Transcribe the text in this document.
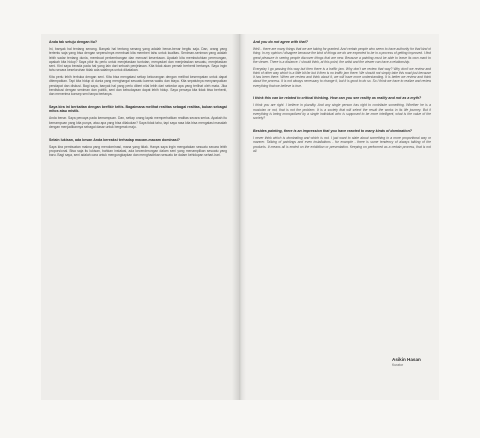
Anda tak setuju dengan itu?
Ini, banyak hal tentang senang. Banyak hal tentang senang yang adalah benar-benar begitu saja. Dan, orang yang tertentu saja yang bisa dengan sepenuhnya membuat kita memberi tahu untuk kualitas. Seniman-seniman yang adalah lebih sadar tentang dunia, membuat perkembangan dan mencari keseriusan. Apakah kita membutuhkan perenungan, apakah kita hidup? Saya pikir itu perlu untuk menjelaskan tuntutan, menyadari dan menjelaskan sesuatu, menjelaskan seni. Kini saya berada pada hal yang lain dari sebuah penjelasan. Kita tidak akan pernah berhenti bertanya. Saya ingin tahu secara keseluruhan tidak ada salahnya untuk dikatakan.
Kita perlu lebih terbuka dengan seni. Kita bisa mengatasi setiap kekurangan dengan melihat kesempatan untuk dapat ditempatkan. Tapi kita hidup di dunia yang menghargai sesuatu karena waktu dan biaya. Kita sepatutnya menyampaikan pendapat dan diskusi. Bagi saya, banyak hal yang perlu diberi nilai lebih dari sekedar apa yang terlihat oleh mata. Jika berdiskusi dengan seniman dan publik, seni dan kebudayaan dapat lebih hidup. Saya percaya kita tidak bisa berhenti, dan menerima konsep seni tanpa bertanya.
Saya kira ini berkaitan dengan berfikir kritis. Bagaimana melihat realitas sebagai realitas, bukan sebagai mitos atau mistik.
Anda benar. Saya percaya pada kemampuan. Dan, setiap orang layak memperhatikan realitas secara serius. Apakah itu kemampuan yang kita punya, atau apa yang bisa dilakukan? Saya tidak tahu, tapi saya rasa kita bisa mengatasi masalah dengan menjadikannya sebagai dasar untuk bergerak maju.
Selain lukisan, ada kesan Anda bereaksi terhadap macam-macam dominasi?
Saya kira pembuatan makna yang mendominasi, mana yang tidak. Hanya saya ingin mengatakan sesuatu secara lebih proporsional. Bisa saja itu lukisan, bahkan instalasi, ada kecenderungan dalam seni yang menampilkan sesuatu yang baru. Bagi saya, seni adalah cara untuk mengungkapkan dan menghadirkan sesuatu ke dalam kehidupan sehari-hari.
And you do not agree with that?
Well... there are many things that we are taking for granted. And certain people who seem to have authority for that kind of thing. In my opinion I disagree because the kind of things we do are expected to be in a process of getting improved. I find great pleasure in seeing people discover things that are new. Because a painting must be able to leave its own mark to the viewer. There is a distance. I should think, at this point, the artist and the viewer can have a relationship.
Everyday I go passing this way but then there is a traffic jam. Why don't we review that way? Why don't we review and think of other way which is a little bit far but it then is no traffic jam there. We should not simply take this road just because it has been there. When we review and think about it, we will have more understanding. It is better we review and think about the process. It is not always necessary to change it, but it is good to do so. So I think we have to realize and review everything that we believe is true.
I think this can be related to critical thinking. How can you see reality as reality and not as a myth?
I think you are right. I believe in plurality. And any single person has right to contribute something. Whether he is a musician or not, that is not the problem. It is a society that will select the result the works in its life journey. But if everything is being monopolized by a single individual who is supposed to be more intelligent, what is the value of the society?
Besides painting, there is an impression that you have reacted to many kinds of domination?
I never think which is dominating and which is not. I just want to state about something in a more proportional way or manner. Talking of paintings and even installations - for example - there is some tendency of always talking of the products. It means all is ended on the exhibition or presentation. Keeping on performed as a certain process, that is not all.
Asikin Hasan
Kurator
